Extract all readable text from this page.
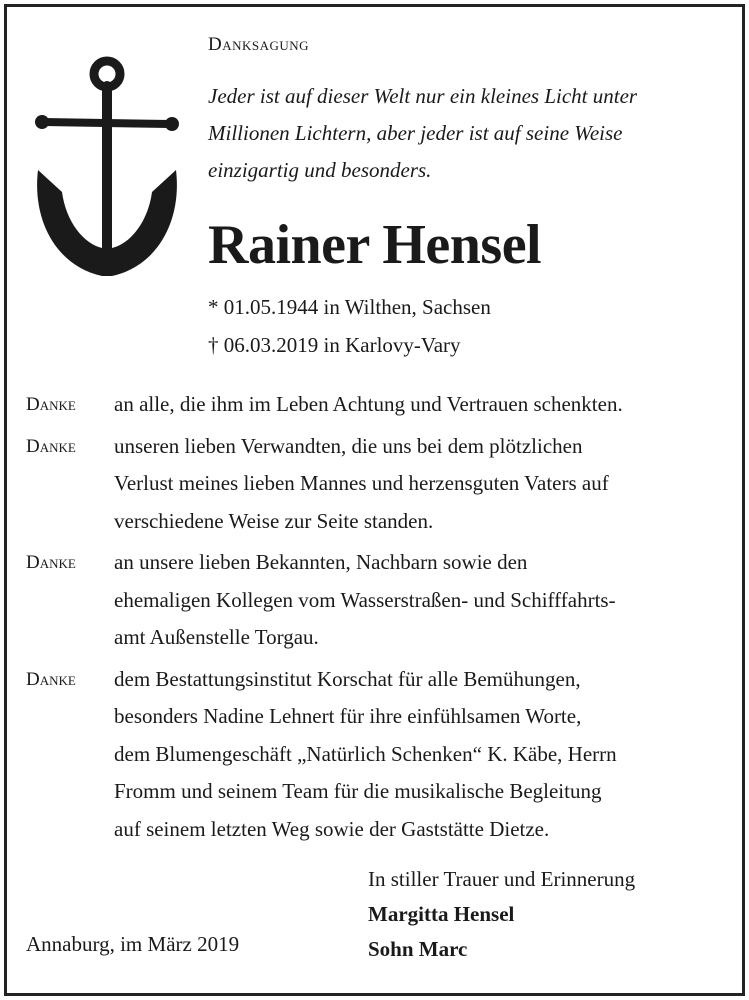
Danksagung
Jeder ist auf dieser Welt nur ein kleines Licht unter
Millionen Lichtern, aber jeder ist auf seine Weise
einzigartig und besonders.
Rainer Hensel
* 01.05.1944 in Wilthen, Sachsen
† 06.03.2019 in Karlovy-Vary
Danke an alle, die ihm im Leben Achtung und Vertrauen schenkten.
Danke unseren lieben Verwandten, die uns bei dem plötzlichen
Verlust meines lieben Mannes und herzensguten Vaters auf
verschiedene Weise zur Seite standen.
Danke an unsere lieben Bekannten, Nachbarn sowie den
ehemaligen Kollegen vom Wasserstraßen- und Schifffahrts-
amt Außenstelle Torgau.
Danke dem Bestattungsinstitut Korschat für alle Bemühungen,
besonders Nadine Lehnert für ihre einfühlsamen Worte,
dem Blumengeschäft „Natürlich Schenken“ K. Käbe, Herrn
Fromm und seinem Team für die musikalische Begleitung
auf seinem letzten Weg sowie der Gaststätte Dietze.
In stiller Trauer und Erinnerung
Margitta Hensel
Sohn Marc
Annaburg, im März 2019
